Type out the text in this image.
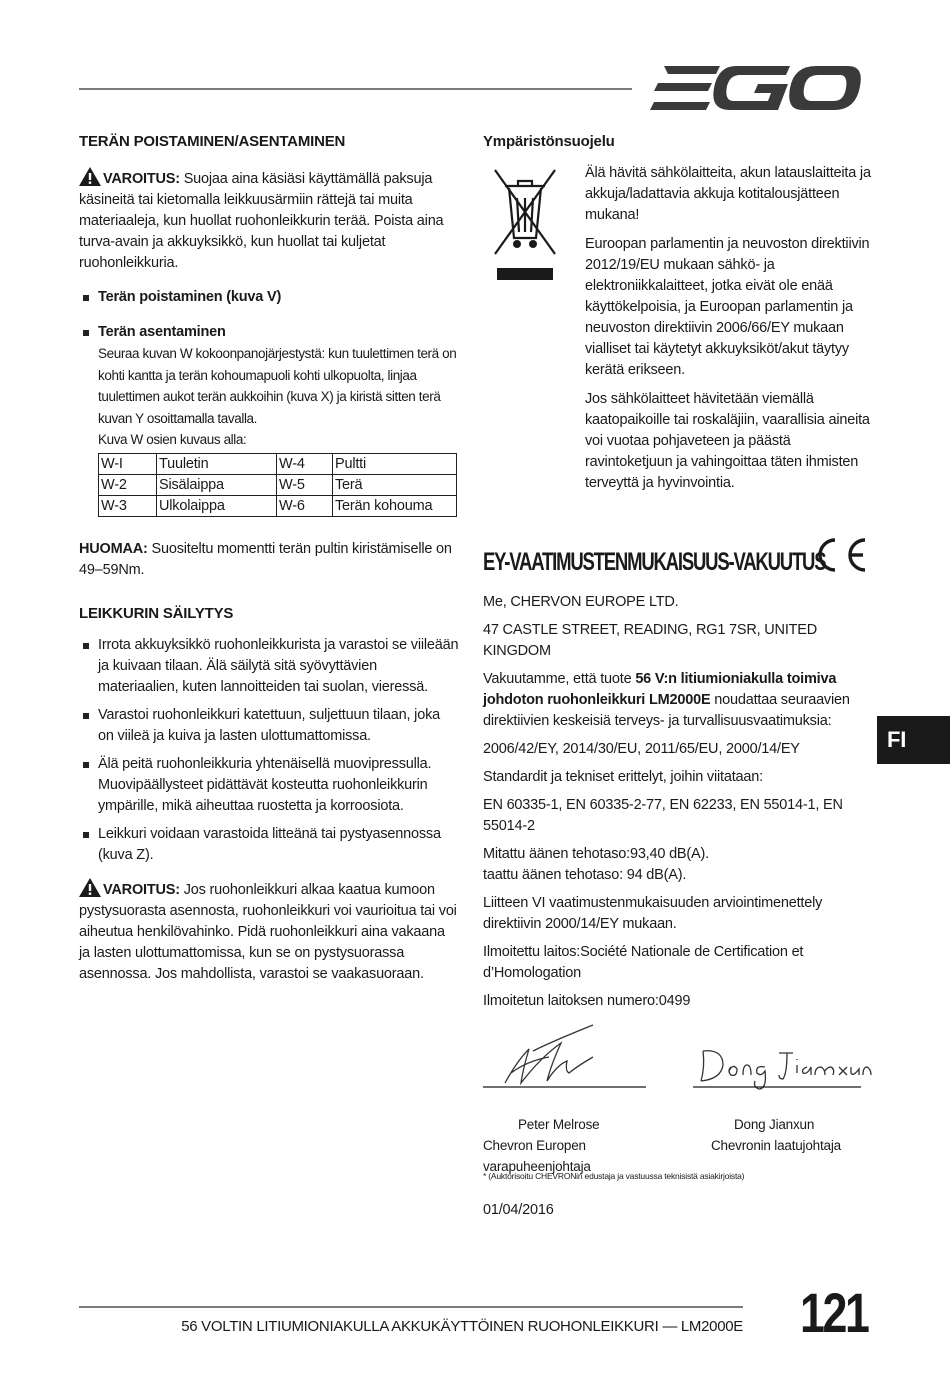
TERÄN POISTAMINEN/ASENTAMINEN

VAROITUS: Suojaa aina käsiäsi käyttämällä paksuja käsineitä tai kietomalla leikkuusärmiin rättejä tai muita materiaaleja, kun huollat ruohonleikkurin terää. Poista aina turva-avain ja akkuyksikkö, kun huollat tai kuljetat ruohonleikkuria.

Terän poistaminen (kuva V)

Terän asentaminen

Seuraa kuvan W kokoonpanojärjestystä: kun tuulettimen terä on kohti kantta ja terän kohoumapuoli kohti ulkopuolta, linjaa tuulettimen aukot terän aukkoihin (kuva X) ja kiristä sitten terä kuvan Y osoittamalla tavalla.

Kuva W osien kuvaus alla:

W-I	Tuuletin	W-4	Pultti
W-2	Sisälaippa	W-5	Terä
W-3	Ulkolaippa	W-6	Terän kohouma

HUOMAA: Suositeltu momentti terän pultin kiristämiselle on 49–59Nm.

LEIKKURIN SÄILYTYS

Irrota akkuyksikkö ruohonleikkurista ja varastoi se viileään ja kuivaan tilaan. Älä säilytä sitä syövyttävien materiaalien, kuten lannoitteiden tai suolan, vieressä.

Varastoi ruohonleikkuri katettuun, suljettuun tilaan, joka on viileä ja kuiva ja lasten ulottumattomissa.

Älä peitä ruohonleikkuria yhtenäisellä muovipressulla. Muovipäällysteet pidättävät kosteutta ruohonleikkurin ympärille, mikä aiheuttaa ruostetta ja korroosiota.

Leikkuri voidaan varastoida litteänä tai pystyasennossa (kuva Z).

VAROITUS: Jos ruohonleikkuri alkaa kaatua kumoon pystysuorasta asennosta, ruohonleikkuri voi vaurioitua tai voi aiheutua henkilövahinko. Pidä ruohonleikkuri aina vakaana ja lasten ulottumattomissa, kun se on pystysuorassa asennossa. Jos mahdollista, varastoi se vaakasuoraan.

Ympäristönsuojelu

Älä hävitä sähkölaitteita, akun latauslaitteita ja akkuja/ladattavia akkuja kotitalousjätteen mukana!

Euroopan parlamentin ja neuvoston direktiivin 2012/19/EU mukaan sähkö- ja elektroniikkalaitteet, jotka eivät ole enää käyttökelpoisia, ja Euroopan parlamentin ja neuvoston direktiivin 2006/66/EY mukaan vialliset tai käytetyt akkuyksiköt/akut täytyy kerätä erikseen.

Jos sähkölaitteet hävitetään viemällä kaatopaikoille tai roskaläjiin, vaarallisia aineita voi vuotaa pohjaveteen ja päästä ravintoketjuun ja vahingoittaa täten ihmisten terveyttä ja hyvinvointia.

EY-VAATIMUSTENMUKAISUUS-VAKUUTUS

Me, CHERVON EUROPE LTD.

47 CASTLE STREET, READING, RG1 7SR, UNITED KINGDOM

Vakuutamme, että tuote 56 V:n litiumioniakulla toimiva johdoton ruohonleikkuri LM2000E noudattaa seuraavien direktiivien keskeisiä terveys- ja turvallisuusvaatimuksia:

2006/42/EY, 2014/30/EU, 2011/65/EU, 2000/14/EY

Standardit ja tekniset erittelyt, joihin viitataan:

EN 60335-1, EN 60335-2-77, EN 62233, EN 55014-1, EN 55014-2

Mitattu äänen tehotaso:93,40 dB(A).

taattu äänen tehotaso: 94 dB(A).

Liitteen VI vaatimustenmukaisuuden arviointimenettely direktiivin 2000/14/EY mukaan.

Ilmoitettu laitos:Société Nationale de Certification et d’Homologation

Ilmoitetun laitoksen numero:0499

Peter Melrose

Chevron Europen varapuheenjohtaja

Dong Jianxun

Chevronin laatujohtaja

* (Auktorisoitu CHEVRONin edustaja ja vastuussa teknisistä asiakirjoista)

01/04/2016

FI
56 VOLTIN LITIUMIONIAKULLA AKKUKÄYTTÖINEN RUOHONLEIKKURI — LM2000E 121
